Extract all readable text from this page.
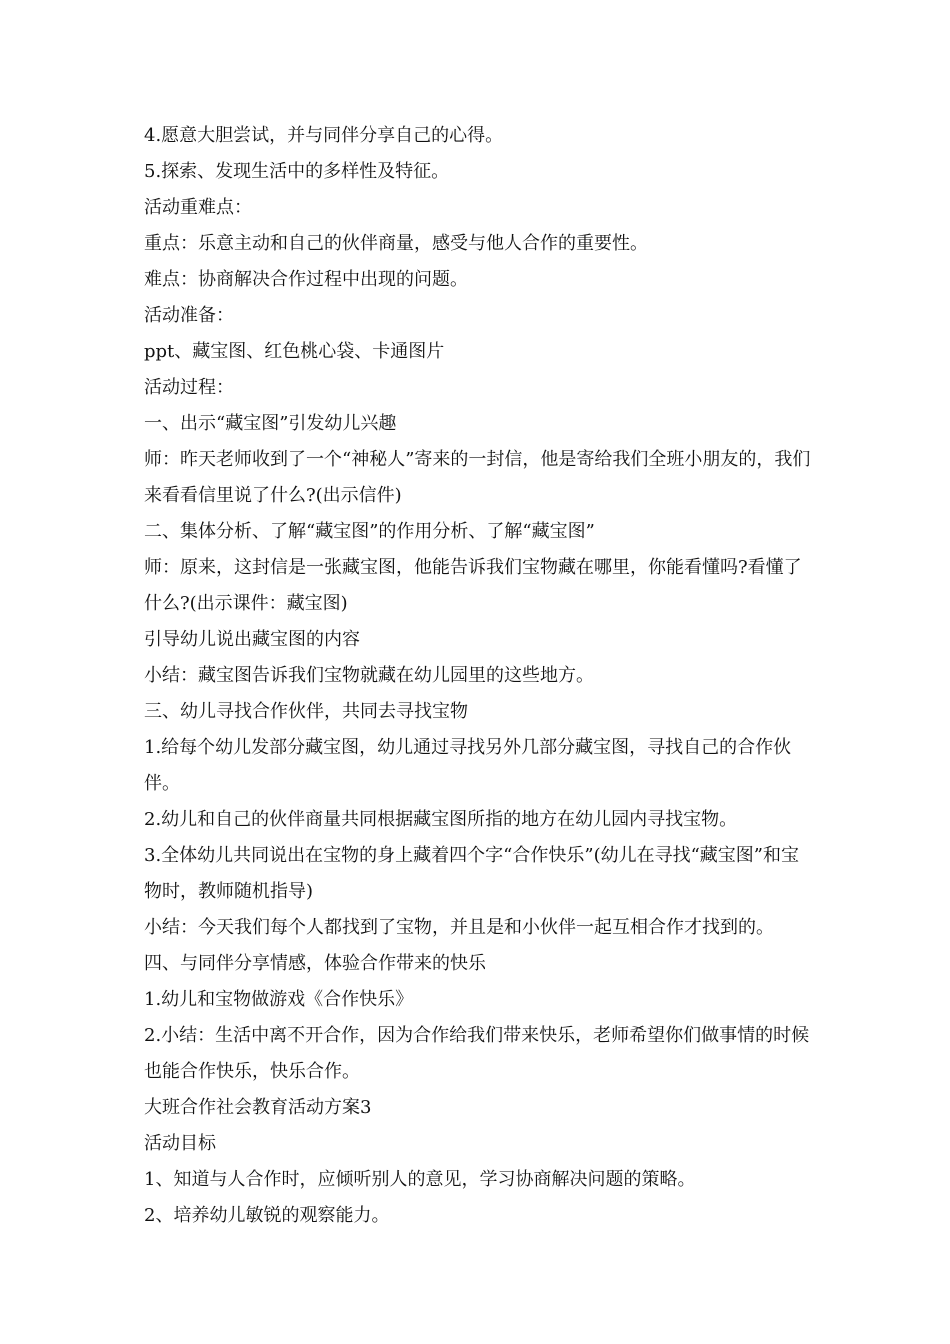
4.愿意大胆尝试，并与同伴分享自己的心得。

5.探索、发现生活中的多样性及特征。

活动重难点：

重点：乐意主动和自己的伙伴商量，感受与他人合作的重要性。

难点：协商解决合作过程中出现的问题。

活动准备：

ppt、藏宝图、红色桃心袋、卡通图片

活动过程：

一、出示“藏宝图”引发幼儿兴趣

师：昨天老师收到了一个“神秘人”寄来的一封信，他是寄给我们全班小朋友的，我们来看看信里说了什么?(出示信件)

二、集体分析、了解“藏宝图”的作用分析、了解“藏宝图”

师：原来，这封信是一张藏宝图，他能告诉我们宝物藏在哪里，你能看懂吗?看懂了什么?(出示课件：藏宝图)

引导幼儿说出藏宝图的内容

小结：藏宝图告诉我们宝物就藏在幼儿园里的这些地方。

三、幼儿寻找合作伙伴，共同去寻找宝物

1.给每个幼儿发部分藏宝图，幼儿通过寻找另外几部分藏宝图，寻找自己的合作伙伴。

2.幼儿和自己的伙伴商量共同根据藏宝图所指的地方在幼儿园内寻找宝物。

3.全体幼儿共同说出在宝物的身上藏着四个字“合作快乐”(幼儿在寻找“藏宝图”和宝物时，教师随机指导)

小结：今天我们每个人都找到了宝物，并且是和小伙伴一起互相合作才找到的。

四、与同伴分享情感，体验合作带来的快乐

1.幼儿和宝物做游戏《合作快乐》

2.小结：生活中离不开合作，因为合作给我们带来快乐，老师希望你们做事情的时候也能合作快乐，快乐合作。

大班合作社会教育活动方案3

活动目标

1、知道与人合作时，应倾听别人的意见，学习协商解决问题的策略。

2、培养幼儿敏锐的观察能力。
